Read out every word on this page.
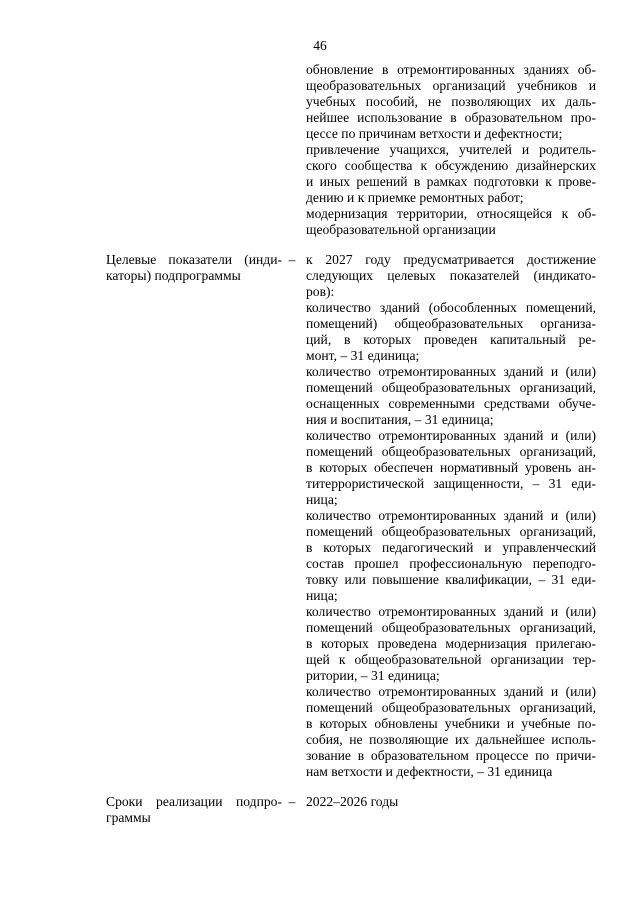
46
обновление в отремонтированных зданиях об-
щеобразовательных организаций учебников и
учебных пособий, не позволяющих их даль-
нейшее использование в образовательном про-
цессе по причинам ветхости и дефектности;
привлечение учащихся, учителей и родитель-
ского сообщества к обсуждению дизайнерских
и иных решений в рамках подготовки к прове-
дению и к приемке ремонтных работ;
модернизация территории, относящейся к об-
щеобразовательной организации
Целевые показатели (инди-
каторы) подпрограммы
– к 2027 году предусматривается достижение
следующих целевых показателей (индикато-
ров):
количество зданий (обособленных помещений,
помещений) общеобразовательных организа-
ций, в которых проведен капитальный ре-
монт, – 31 единица;
количество отремонтированных зданий и (или)
помещений общеобразовательных организаций,
оснащенных современными средствами обуче-
ния и воспитания, – 31 единица;
количество отремонтированных зданий и (или)
помещений общеобразовательных организаций,
в которых обеспечен нормативный уровень ан-
титеррористической защищенности, – 31 еди-
ница;
количество отремонтированных зданий и (или)
помещений общеобразовательных организаций,
в которых педагогический и управленческий
состав прошел профессиональную переподго-
товку или повышение квалификации, – 31 еди-
ница;
количество отремонтированных зданий и (или)
помещений общеобразовательных организаций,
в которых проведена модернизация прилегаю-
щей к общеобразовательной организации тер-
ритории, – 31 единица;
количество отремонтированных зданий и (или)
помещений общеобразовательных организаций,
в которых обновлены учебники и учебные по-
собия, не позволяющие их дальнейшее исполь-
зование в образовательном процессе по причи-
нам ветхости и дефектности, – 31 единица
Сроки реализации подпро-
граммы
– 2022–2026 годы
